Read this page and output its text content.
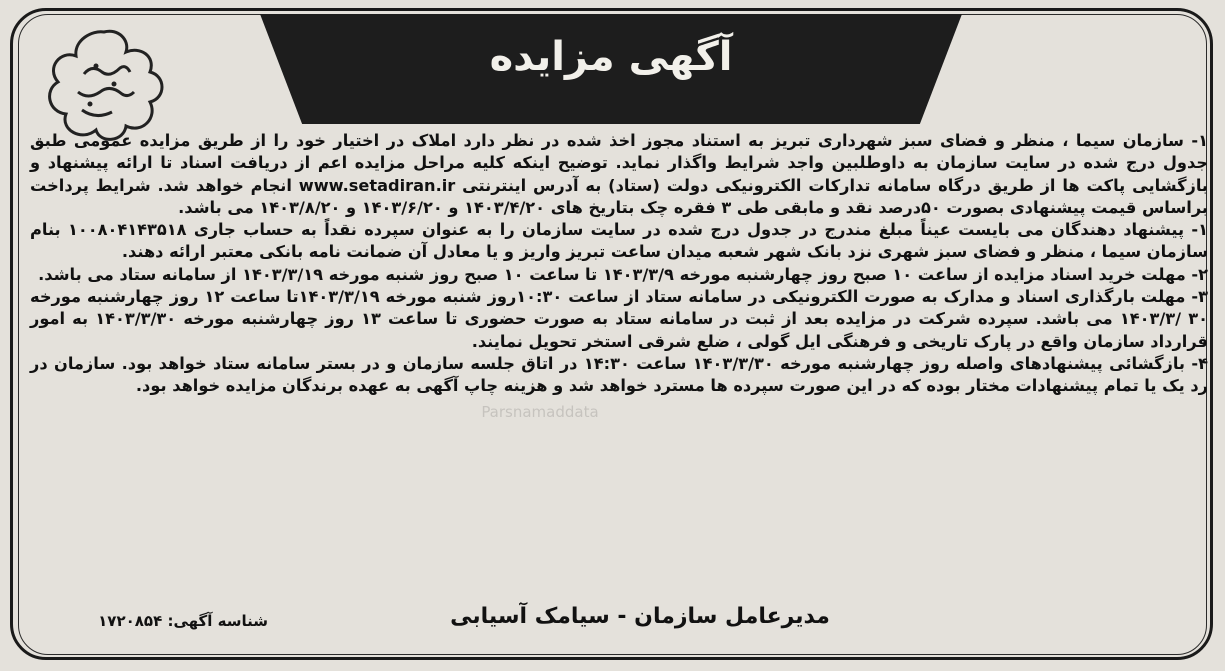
آگهی مزایده
Parsnamaddata

۱- سازمان سیما ، منظر و فضای سبز شهرداری تبریز به استناد مجوز اخذ شده در نظر دارد املاک در اختیار خود را از طریق مزایده عمومی طبق جدول درج شده در سایت سازمان به داوطلبین واجد شرایط واگذار نماید. توضیح اینکه کلیه مراحل مزایده اعم از دریافت اسناد تا ارائه پیشنهاد و بازگشایی پاکت ها از طریق درگاه سامانه تدارکات الکترونیکی دولت (ستاد) به آدرس اینترنتی www.setadiran.ir انجام خواهد شد. شرایط پرداخت براساس قیمت پیشنهادی بصورت ۵۰درصد نقد و مابقی طی ۳ فقره چک بتاریخ های ۱۴۰۳/۴/۲۰ و ۱۴۰۳/۶/۲۰ و ۱۴۰۳/۸/۲۰ می باشد.

۱- پیشنهاد دهندگان می بایست عیناً مبلغ مندرج در جدول درج شده در سایت سازمان را به عنوان سپرده نقداً به حساب جاری ۱۰۰۸۰۴۱۴۳۵۱۸ بنام سازمان سیما ، منظر و فضای سبز شهری نزد بانک شهر شعبه میدان ساعت تبریز واریز و یا معادل آن ضمانت نامه بانکی معتبر ارائه دهند.

۲- مهلت خرید اسناد مزایده از ساعت ۱۰ صبح روز چهارشنبه مورخه ۱۴۰۳/۳/۹ تا ساعت ۱۰ صبح روز شنبه مورخه ۱۴۰۳/۳/۱۹ از سامانه ستاد می باشد.

۳- مهلت بارگذاری اسناد و مدارک به صورت الکترونیکی در سامانه ستاد از ساعت ۱۰:۳۰روز شنبه مورخه ۱۴۰۳/۳/۱۹تا ساعت ۱۲ روز چهارشنبه مورخه ۳۰ /۱۴۰۳/۳ می باشد. سپرده شرکت در مزایده بعد از ثبت در سامانه ستاد به صورت حضوری تا ساعت ۱۳ روز چهارشنبه مورخه ۱۴۰۳/۳/۳۰ به امور قرارداد سازمان واقع در پارک تاریخی و فرهنگی ایل گولی ، ضلع شرقی استخر تحویل نمایند.

۴- بازگشائی پیشنهادهای واصله روز چهارشنبه مورخه ۱۴۰۳/۳/۳۰ ساعت ۱۴:۳۰ در اتاق جلسه سازمان و در بستر سامانه ستاد خواهد بود. سازمان در رد یک یا تمام پیشنهادات مختار بوده که در این صورت سپرده ها مسترد خواهد شد و هزینه چاپ آگهی به عهده برندگان مزایده خواهد بود.

مدیرعامل سازمان - سیامک آسیابی
شناسه آگهی: ۱۷۲۰۸۵۴
